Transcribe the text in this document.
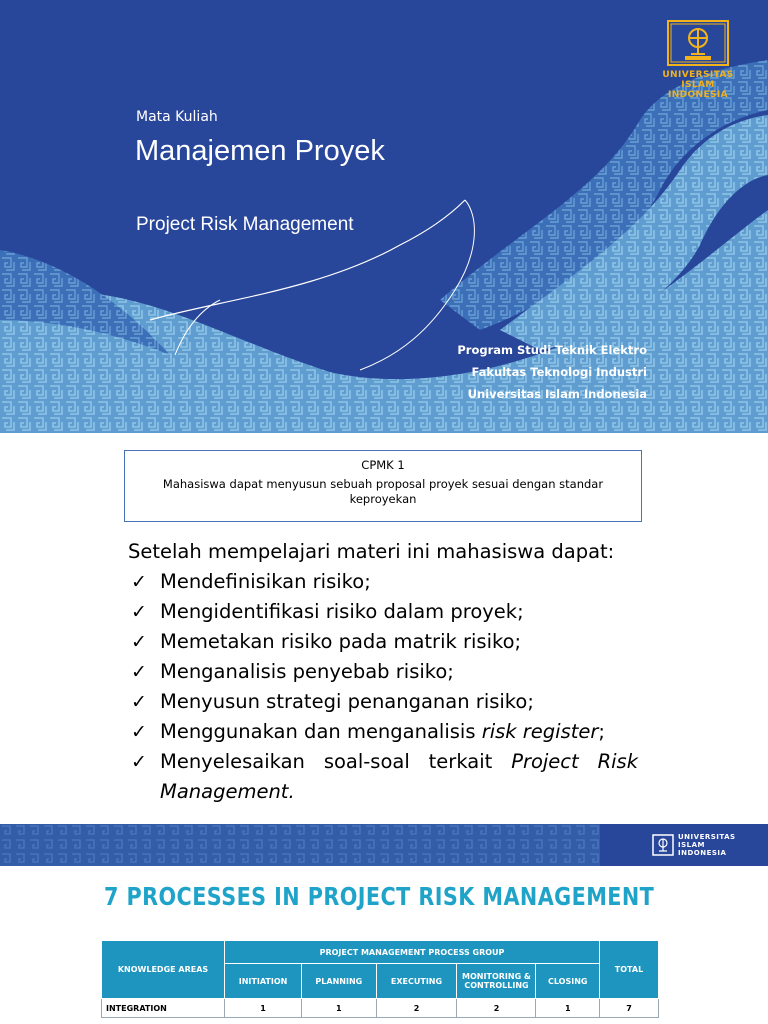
Mata Kuliah
Manajemen Proyek
Project Risk Management
Program Studi Teknik Elektro
Fakultas Teknologi Industri
Universitas Islam Indonesia
UNIVERSITAS
ISLAM
INDONESIA
CPMK 1
Mahasiswa dapat menyusun sebuah proposal proyek sesuai dengan standar keproyekan
Setelah mempelajari materi ini mahasiswa dapat:
✓ Mendefinisikan risiko;
✓ Mengidentifikasi risiko dalam proyek;
✓ Memetakan risiko pada matrik risiko;
✓ Menganalisis penyebab risiko;
✓ Menyusun strategi penanganan risiko;
✓ Menggunakan dan menganalisis risk register;
✓ Menyelesaikan soal-soal terkait Project Risk Management.
UNIVERSITAS
ISLAM
INDONESIA
7 PROCESSES IN PROJECT RISK MANAGEMENT
KNOWLEDGE AREAS	PROJECT MANAGEMENT PROCESS GROUP					TOTAL
	INITIATION	PLANNING	EXECUTING	MONITORING & CONTROLLING	CLOSING	
INTEGRATION	1	1	2	2	1	7
